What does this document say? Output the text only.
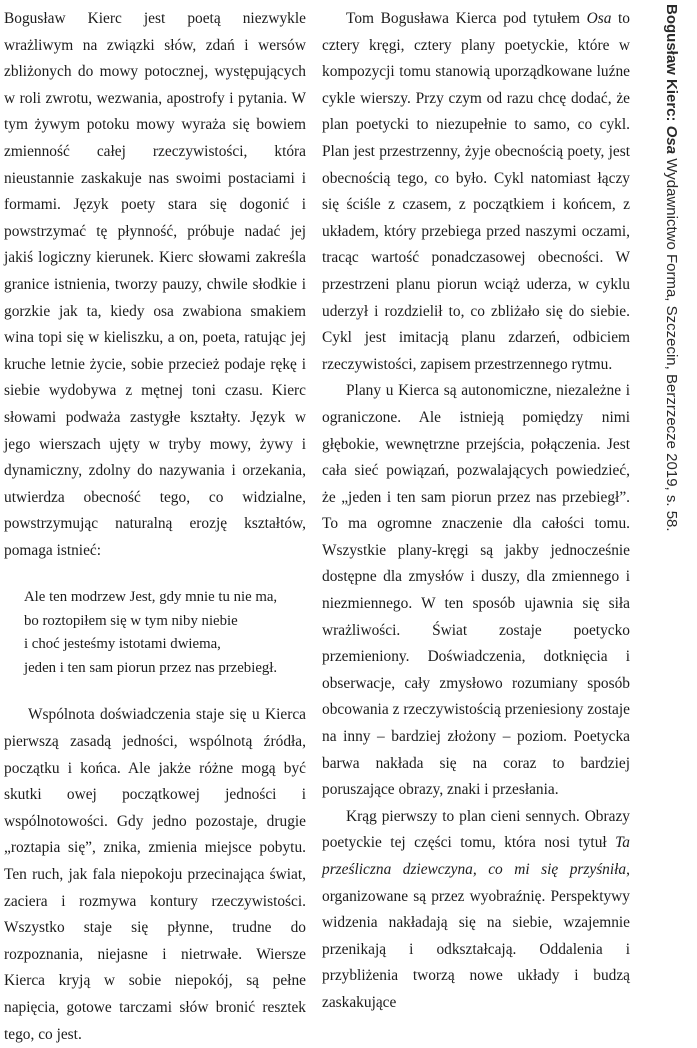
Bogusław Kierc jest poetą niezwykle wrażliwym na związki słów, zdań i wersów zbliżonych do mowy potocznej, występujących w roli zwrotu, wezwania, apostrofy i pytania. W tym żywym potoku mowy wyraża się bowiem zmienność całej rzeczywistości, która nieustannie zaskakuje nas swoimi postaciami i formami. Język poety stara się dogonić i powstrzymać tę płynność, próbuje nadać jej jakiś logiczny kierunek. Kierc słowami zakreśla granice istnienia, tworzy pauzy, chwile słodkie i gorzkie jak ta, kiedy osa zwabiona smakiem wina topi się w kieliszku, a on, poeta, ratując jej kruche letnie życie, sobie przecież podaje rękę i siebie wydobywa z mętnej toni czasu. Kierc słowami podważa zastygłe kształty. Język w jego wierszach ujęty w tryby mowy, żywy i dynamiczny, zdolny do nazywania i orzekania, utwierdza obecność tego, co widzialne, powstrzymując naturalną erozję kształtów, pomaga istnieć:

Ale ten modrzew Jest, gdy mnie tu nie ma,
bo roztopiłem się w tym niby niebie
i choć jesteśmy istotami dwiema,
jeden i ten sam piorun przez nas przebiegł.

Wspólnota doświadczenia staje się u Kierca pierwszą zasadą jedności, wspólnotą źródła, początku i końca. Ale jakże różne mogą być skutki owej początkowej jedności i wspólnotowości. Gdy jedno pozostaje, drugie „roztapia się”, znika, zmienia miejsce pobytu. Ten ruch, jak fala niepokoju przecinająca świat, zaciera i rozmywa kontury rzeczywistości. Wszystko staje się płynne, trudne do rozpoznania, niejasne i nietrwałe. Wiersze Kierca kryją w sobie niepokój, są pełne napięcia, gotowe tarczami słów bronić resztek tego, co jest.

Tom Bogusława Kierca pod tytułem Osa to cztery kręgi, cztery plany poetyckie, które w kompozycji tomu stanowią uporządkowane luźne cykle wierszy. Przy czym od razu chcę dodać, że plan poetycki to niezupełnie to samo, co cykl. Plan jest przestrzenny, żyje obecnością poety, jest obecnością tego, co było. Cykl natomiast łączy się ściśle z czasem, z początkiem i końcem, z układem, który przebiega przed naszymi oczami, tracąc wartość ponadczasowej obecności. W przestrzeni planu piorun wciąż uderza, w cyklu uderzył i rozdzielił to, co zbliżało się do siebie. Cykl jest imitacją planu zdarzeń, odbiciem rzeczywistości, zapisem przestrzennego rytmu.

Plany u Kierca są autonomiczne, niezależne i ograniczone. Ale istnieją pomiędzy nimi głębokie, wewnętrzne przejścia, połączenia. Jest cała sieć powiązań, pozwalających powiedzieć, że „jeden i ten sam piorun przez nas przebiegł”. To ma ogromne znaczenie dla całości tomu. Wszystkie plany-kręgi są jakby jednocześnie dostępne dla zmysłów i duszy, dla zmiennego i niezmiennego. W ten sposób ujawnia się siła wrażliwości. Świat zostaje poetycko przemieniony. Doświadczenia, dotknięcia i obserwacje, cały zmysłowo rozumiany sposób obcowania z rzeczywistością przeniesiony zostaje na inny – bardziej złożony – poziom. Poetycka barwa nakłada się na coraz to bardziej poruszające obrazy, znaki i przesłania.

Krąg pierwszy to plan cieni sennych. Obrazy poetyckie tej części tomu, która nosi tytuł Ta prześliczna dziewczyna, co mi się przyśniła, organizowane są przez wyobraźnię. Perspektywy widzenia nakładają się na siebie, wzajemnie przenikają i odkształcają. Oddalenia i przybliżenia tworzą nowe układy i budzą zaskakujące

Bogusław Kierc: Osa Wydawnictwo Forma, Szczecin, Berzrzecze 2019, s. 58.
